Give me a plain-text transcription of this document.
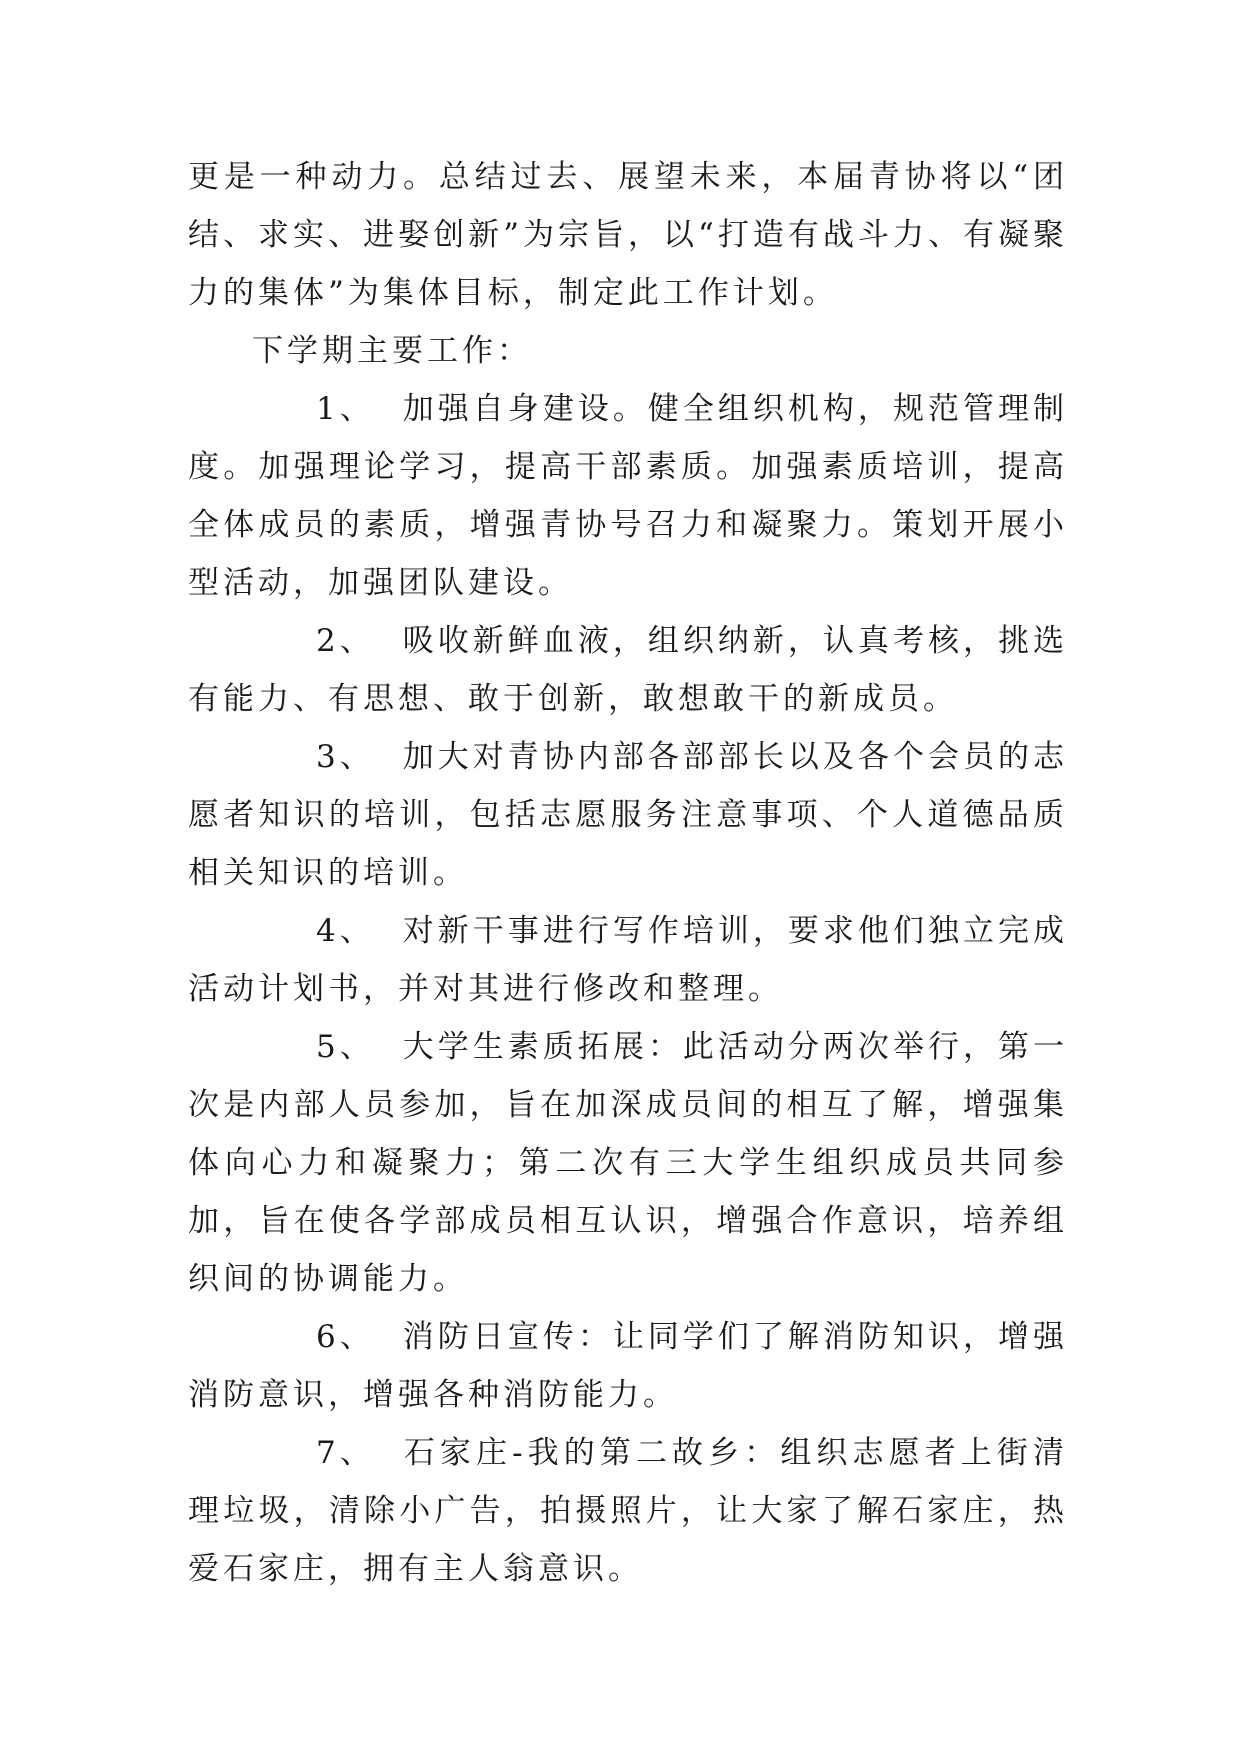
更是一种动力。总结过去、展望未来，本届青协将以“团结、求实、进娶创新”为宗旨，以“打造有战斗力、有凝聚力的集体”为集体目标，制定此工作计划。

下学期主要工作：

1、 加强自身建设。健全组织机构，规范管理制度。加强理论学习，提高干部素质。加强素质培训，提高全体成员的素质，增强青协号召力和凝聚力。策划开展小型活动，加强团队建设。

2、 吸收新鲜血液，组织纳新，认真考核，挑选有能力、有思想、敢于创新，敢想敢干的新成员。

3、 加大对青协内部各部部长以及各个会员的志愿者知识的培训，包括志愿服务注意事项、个人道德品质相关知识的培训。

4、 对新干事进行写作培训，要求他们独立完成活动计划书，并对其进行修改和整理。

5、 大学生素质拓展：此活动分两次举行，第一次是内部人员参加，旨在加深成员间的相互了解，增强集体向心力和凝聚力；第二次有三大学生组织成员共同参加，旨在使各学部成员相互认识，增强合作意识，培养组织间的协调能力。

6、 消防日宣传：让同学们了解消防知识，增强消防意识，增强各种消防能力。

7、 石家庄-我的第二故乡：组织志愿者上街清理垃圾，清除小广告，拍摄照片，让大家了解石家庄，热爱石家庄，拥有主人翁意识。
